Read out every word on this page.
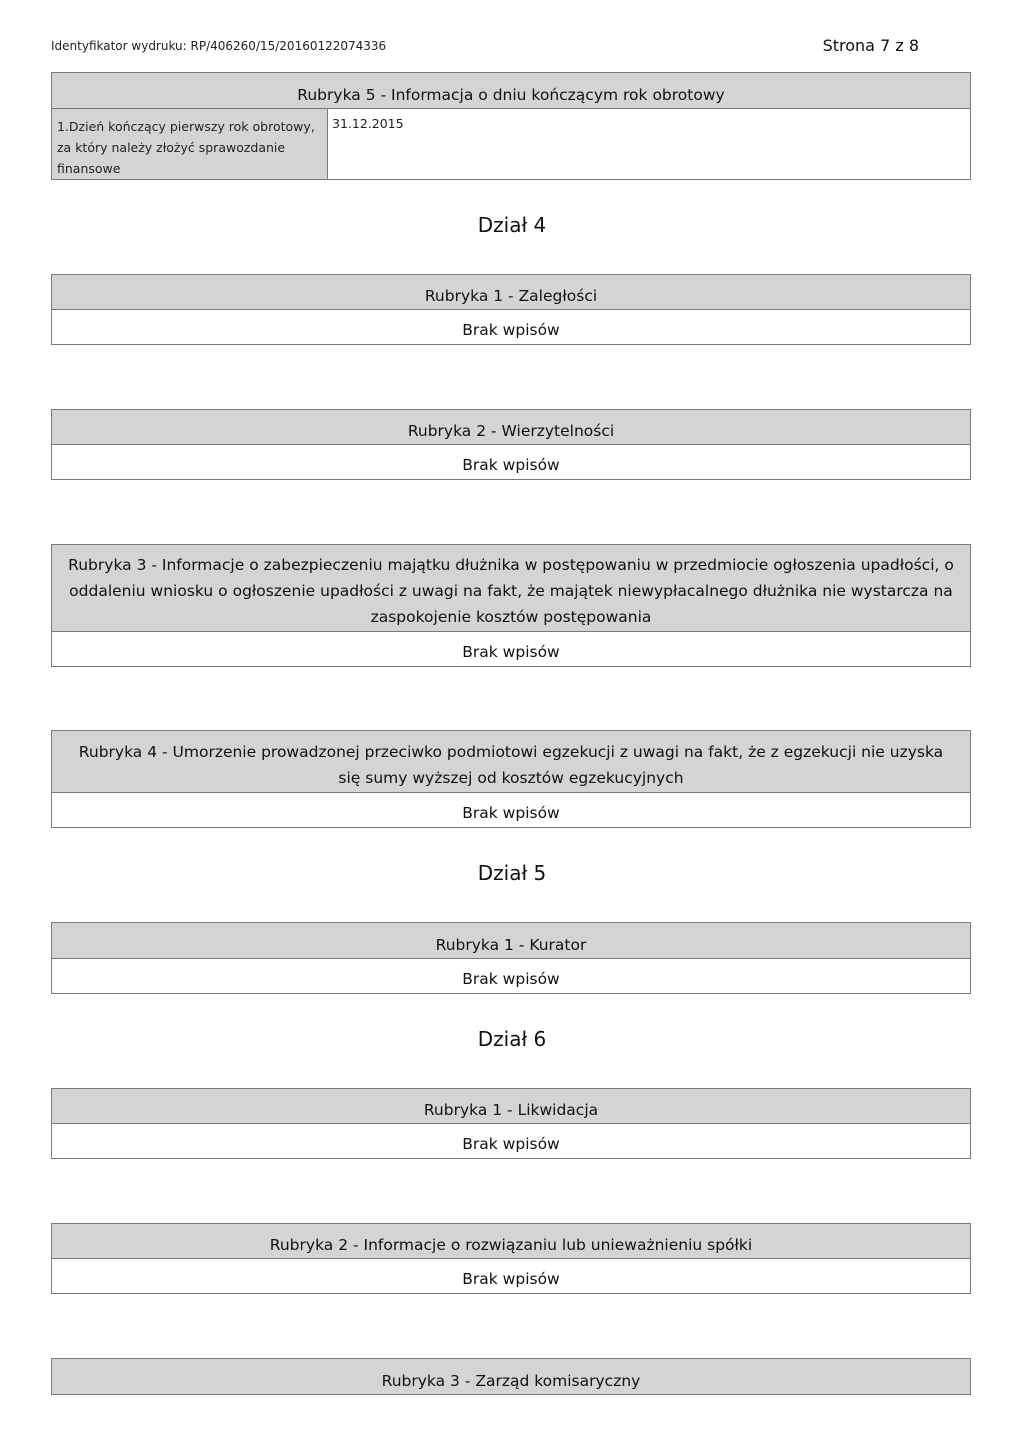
Identyfikator wydruku: RP/406260/15/20160122074336	Strona 7 z 8
Rubryka 5 - Informacja o dniu kończącym rok obrotowy
1.Dzień kończący pierwszy rok obrotowy, za który należy złożyć sprawozdanie finansowe
31.12.2015
Dział 4
Rubryka 1 - Zaległości
Brak wpisów
Rubryka 2 - Wierzytelności
Brak wpisów
Rubryka 3 - Informacje o zabezpieczeniu majątku dłużnika w postępowaniu w przedmiocie ogłoszenia upadłości, o oddaleniu wniosku o ogłoszenie upadłości z uwagi na fakt, że majątek niewypłacalnego dłużnika nie wystarcza na zaspokojenie kosztów postępowania
Brak wpisów
Rubryka 4 - Umorzenie prowadzonej przeciwko podmiotowi egzekucji z uwagi na fakt, że z egzekucji nie uzyska się sumy wyższej od kosztów egzekucyjnych
Brak wpisów
Dział 5
Rubryka 1 - Kurator
Brak wpisów
Dział 6
Rubryka 1 - Likwidacja
Brak wpisów
Rubryka 2 - Informacje o rozwiązaniu lub unieważnieniu spółki
Brak wpisów
Rubryka 3 - Zarząd komisaryczny
